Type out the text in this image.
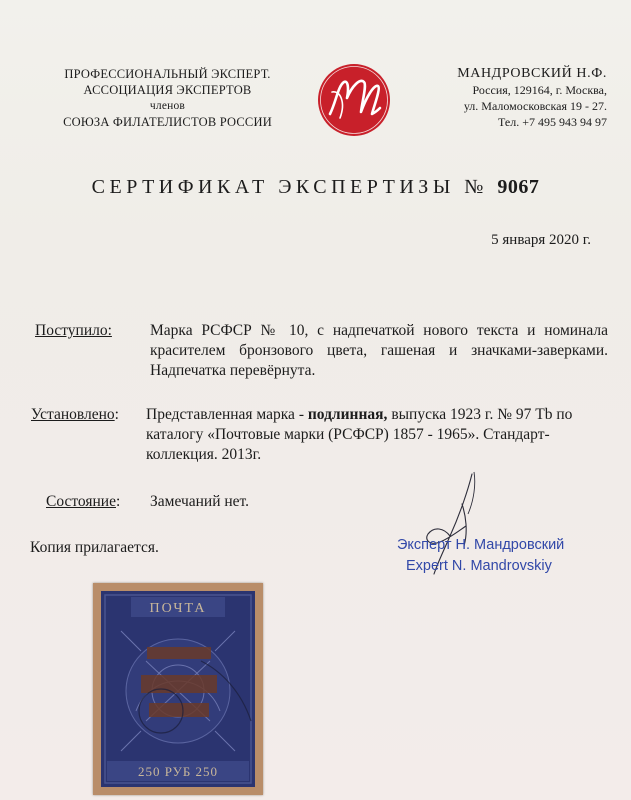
ПРОФЕССИОНАЛЬНЫЙ ЭКСПЕРТ.
АССОЦИАЦИЯ ЭКСПЕРТОВ
членов
СОЮЗА ФИЛАТЕЛИСТОВ РОССИИ
МАНДРОВСКИЙ Н.Ф.
Россия, 129164, г. Москва,
ул. Маломосковская 19 - 27.
Тел. +7 495 943 94 97
СЕРТИФИКАТ ЭКСПЕРТИЗЫ № 9067
5 января 2020 г.
Поступило: Марка РСФСР № 10, с надпечаткой нового текста и номинала красителем бронзового цвета, гашеная и значками-заверками. Надпечатка перевёрнута.
Установлено: Представленная марка - подлинная, выпуска 1923 г. № 97 Tb по каталогу «Почтовые марки (РСФСР) 1857 - 1965». Стандарт-коллекция. 2013г.
Состояние: Замечаний нет.
Копия прилагается.	Эксперт Н. Мандровский
Expert N. Mandrovskiy
ПОЧТА
250 РУБ 250
